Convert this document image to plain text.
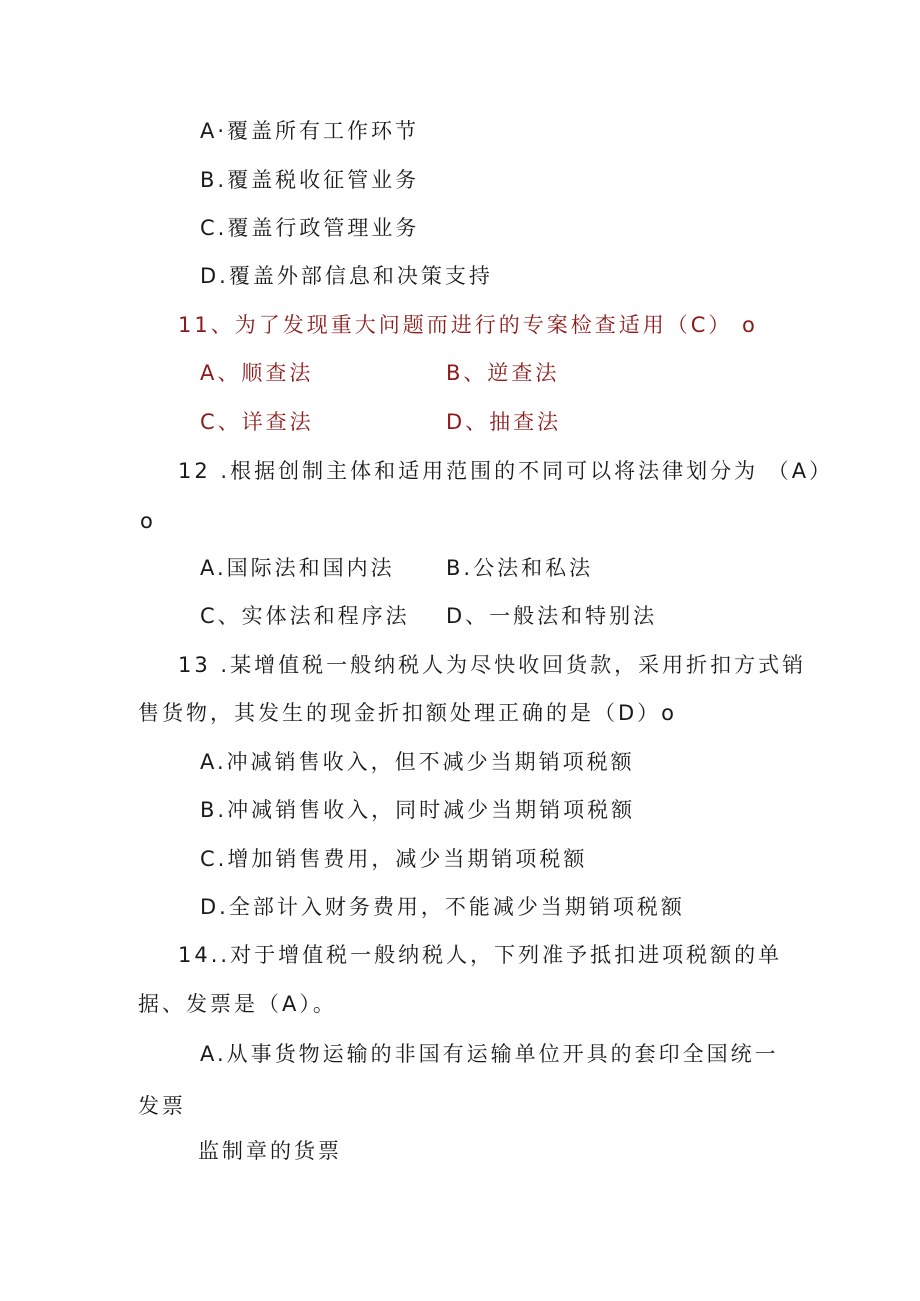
A·覆盖所有工作环节
B.覆盖税收征管业务
C.覆盖行政管理业务
D.覆盖外部信息和决策支持
11、为了发现重大问题而进行的专案检查适用（C） o
A、顺查法	B、逆查法
C、详查法	D、抽查法
12 .根据创制主体和适用范围的不同可以将法律划分为 （A）
o
A.国际法和国内法 B.公法和私法
C、实体法和程序法 D、一般法和特别法
13 .某增值税一般纳税人为尽快收回货款，采用折扣方式销
售货物，其发生的现金折扣额处理正确的是（D）o
A.冲减销售收入，但不减少当期销项税额
B.冲减销售收入，同时减少当期销项税额
C.增加销售费用，减少当期销项税额
D.全部计入财务费用，不能减少当期销项税额
14..对于增值税一般纳税人，下列准予抵扣进项税额的单
据、发票是（A）。
A.从事货物运输的非国有运输单位开具的套印全国统一
发票
监制章的货票
